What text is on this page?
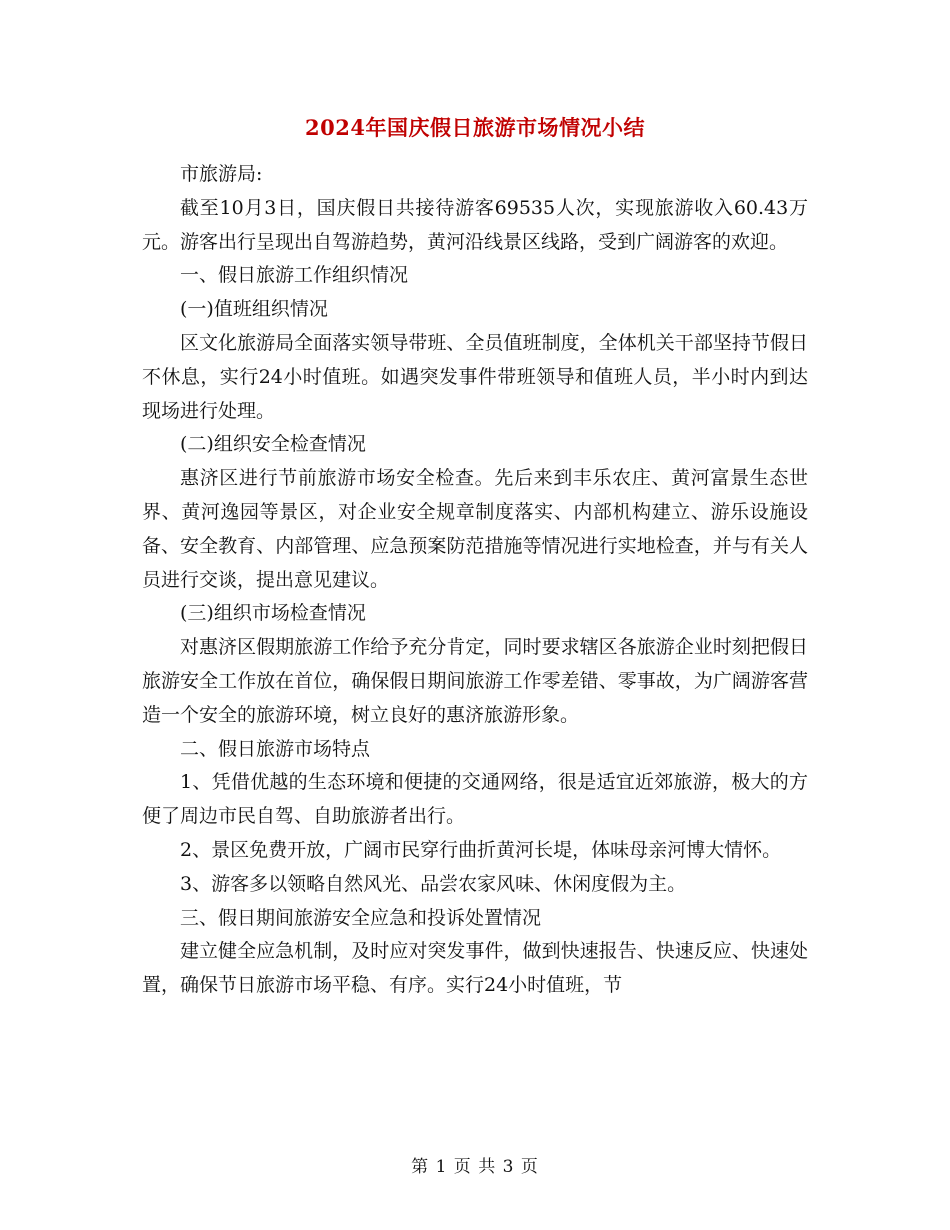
2024年国庆假日旅游市场情况小结

市旅游局:

截至10月3日，国庆假日共接待游客69535人次，实现旅游收入60.43万元。游客出行呈现出自驾游趋势，黄河沿线景区线路，受到广阔游客的欢迎。

一、假日旅游工作组织情况

(一)值班组织情况

区文化旅游局全面落实领导带班、全员值班制度，全体机关干部坚持节假日不休息，实行24小时值班。如遇突发事件带班领导和值班人员，半小时内到达现场进行处理。

(二)组织安全检查情况

惠济区进行节前旅游市场安全检查。先后来到丰乐农庄、黄河富景生态世界、黄河逸园等景区，对企业安全规章制度落实、内部机构建立、游乐设施设备、安全教育、内部管理、应急预案防范措施等情况进行实地检查，并与有关人员进行交谈，提出意见建议。

(三)组织市场检查情况

对惠济区假期旅游工作给予充分肯定，同时要求辖区各旅游企业时刻把假日旅游安全工作放在首位，确保假日期间旅游工作零差错、零事故，为广阔游客营造一个安全的旅游环境，树立良好的惠济旅游形象。

二、假日旅游市场特点

1、凭借优越的生态环境和便捷的交通网络，很是适宜近郊旅游，极大的方便了周边市民自驾、自助旅游者出行。

2、景区免费开放，广阔市民穿行曲折黄河长堤，体味母亲河博大情怀。

3、游客多以领略自然风光、品尝农家风味、休闲度假为主。

三、假日期间旅游安全应急和投诉处置情况

建立健全应急机制，及时应对突发事件，做到快速报告、快速反应、快速处置，确保节日旅游市场平稳、有序。实行24小时值班，节

第 1 页 共 3 页
